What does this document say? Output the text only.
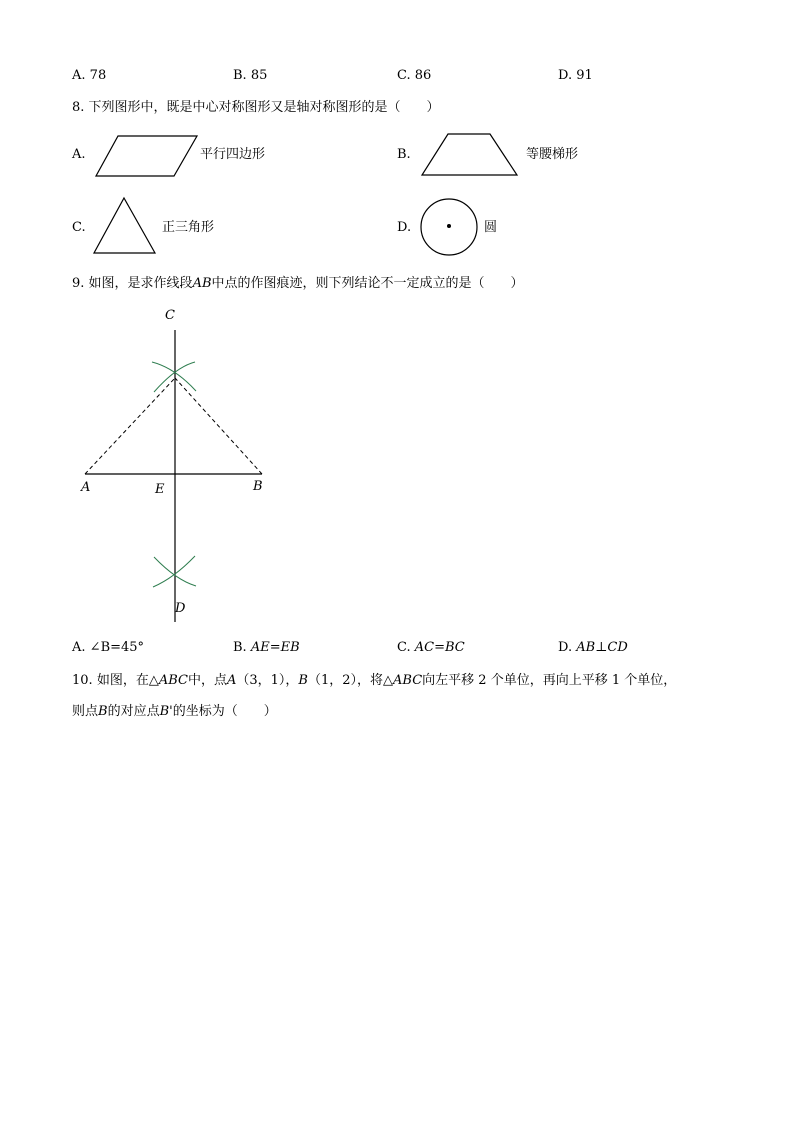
A. 78	B. 85	C. 86	D. 91
8. 下列图形中，既是中心对称图形又是轴对称图形的是（　　）
A.	平行四边形	B.	等腰梯形
C.	正三角形	D.	圆
9. 如图，是求作线段AB中点的作图痕迹，则下列结论不一定成立的是（　　）
C
A	E	B
D
A. ∠B=45°	B. AE=EB	C. AC=BC	D. AB⊥CD
10. 如图，在△ABC中，点A（3，1），B（1，2），将△ABC向左平移 2 个单位，再向上平移 1 个单位，
则点B的对应点B'的坐标为（　　）
